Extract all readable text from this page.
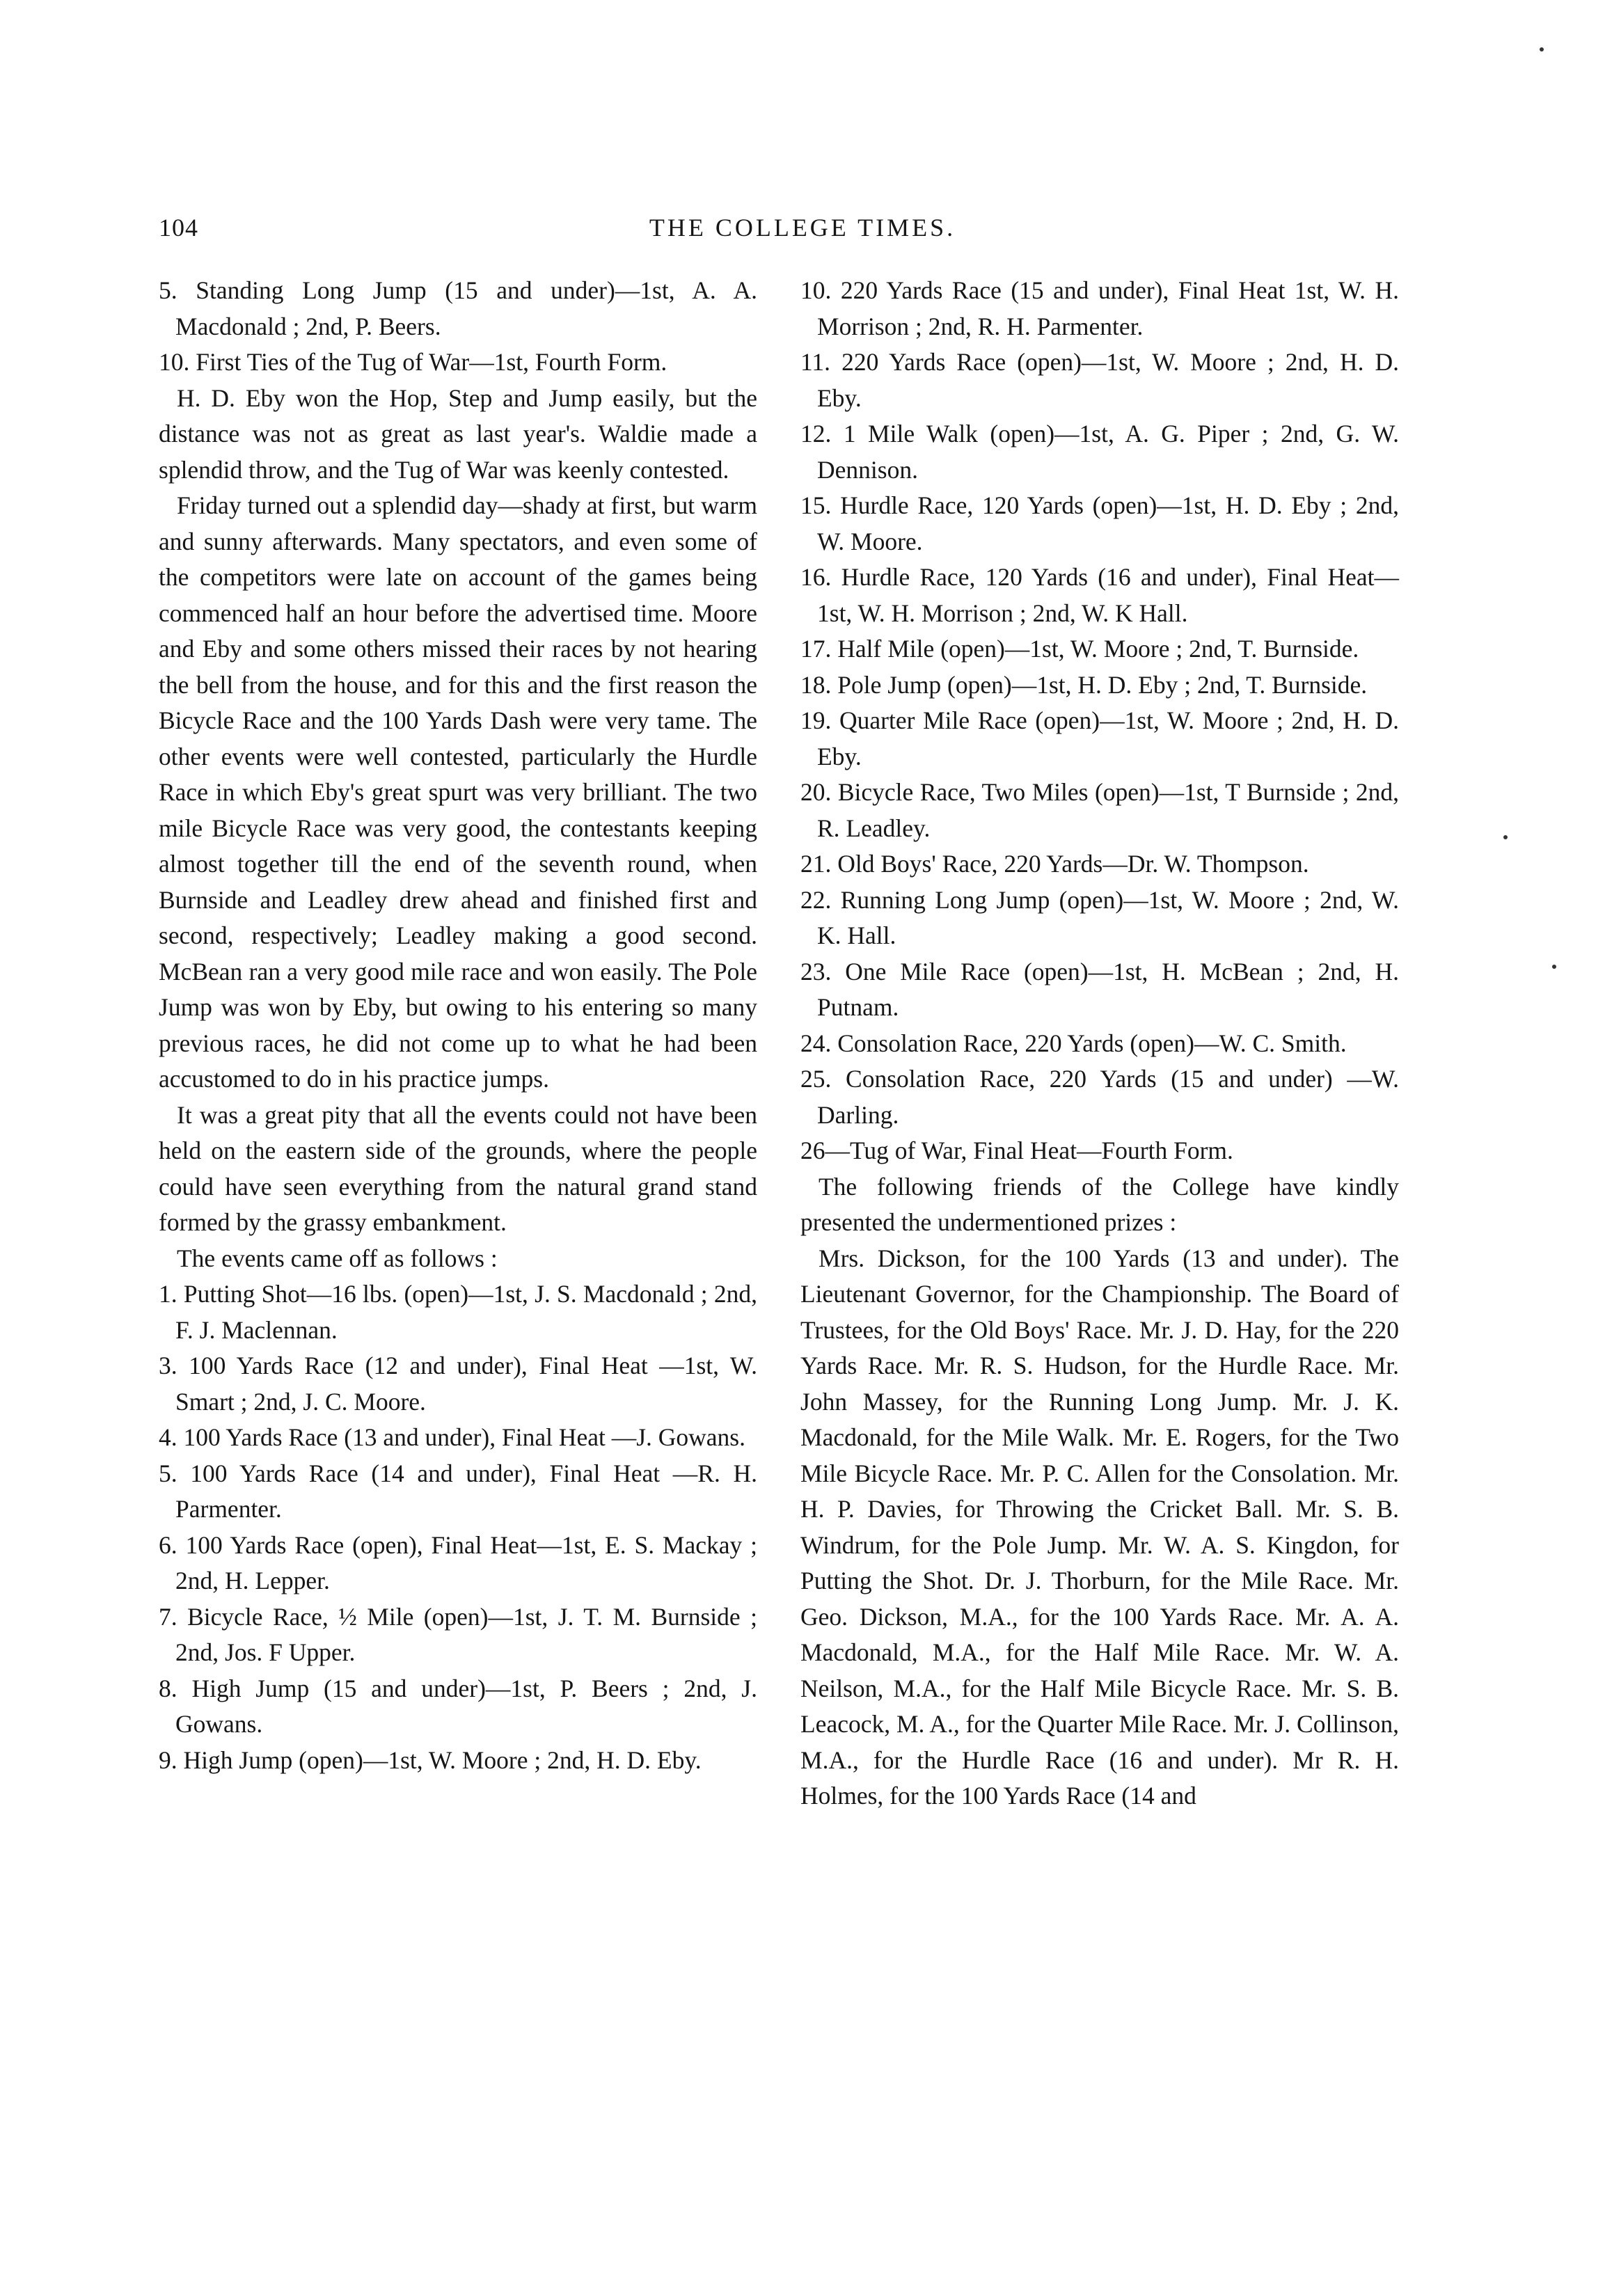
104	THE COLLEGE TIMES.

5. Standing Long Jump (15 and under)—1st, A. A. Macdonald ; 2nd, P. Beers.

10. First Ties of the Tug of War—1st, Fourth Form.

H. D. Eby won the Hop, Step and Jump easily, but the distance was not as great as last year's. Waldie made a splendid throw, and the Tug of War was keenly contested.

Friday turned out a splendid day—shady at first, but warm and sunny afterwards. Many spectators, and even some of the competitors were late on account of the games being commenced half an hour before the advertised time. Moore and Eby and some others missed their races by not hearing the bell from the house, and for this and the first reason the Bicycle Race and the 100 Yards Dash were very tame. The other events were well contested, particularly the Hurdle Race in which Eby's great spurt was very brilliant. The two mile Bicycle Race was very good, the contestants keeping almost together till the end of the seventh round, when Burnside and Leadley drew ahead and finished first and second, respectively; Leadley making a good second. McBean ran a very good mile race and won easily. The Pole Jump was won by Eby, but owing to his entering so many previous races, he did not come up to what he had been accustomed to do in his practice jumps.

It was a great pity that all the events could not have been held on the eastern side of the grounds, where the people could have seen everything from the natural grand stand formed by the grassy embankment.

The events came off as follows :

1. Putting Shot—16 lbs. (open)—1st, J. S. Macdonald ; 2nd, F. J. Maclennan.

3. 100 Yards Race (12 and under), Final Heat —1st, W. Smart ; 2nd, J. C. Moore.

4. 100 Yards Race (13 and under), Final Heat —J. Gowans.

5. 100 Yards Race (14 and under), Final Heat —R. H. Parmenter.

6. 100 Yards Race (open), Final Heat—1st, E. S. Mackay ; 2nd, H. Lepper.

7. Bicycle Race, ½ Mile (open)—1st, J. T. M. Burnside ; 2nd, Jos. F Upper.

8. High Jump (15 and under)—1st, P. Beers ; 2nd, J. Gowans.

9. High Jump (open)—1st, W. Moore ; 2nd, H. D. Eby.

10. 220 Yards Race (15 and under), Final Heat 1st, W. H. Morrison ; 2nd, R. H. Parmenter.

11. 220 Yards Race (open)—1st, W. Moore ; 2nd, H. D. Eby.

12. 1 Mile Walk (open)—1st, A. G. Piper ; 2nd, G. W. Dennison.

15. Hurdle Race, 120 Yards (open)—1st, H. D. Eby ; 2nd, W. Moore.

16. Hurdle Race, 120 Yards (16 and under), Final Heat—1st, W. H. Morrison ; 2nd, W. K Hall.

17. Half Mile (open)—1st, W. Moore ; 2nd, T. Burnside.

18. Pole Jump (open)—1st, H. D. Eby ; 2nd, T. Burnside.

19. Quarter Mile Race (open)—1st, W. Moore ; 2nd, H. D. Eby.

20. Bicycle Race, Two Miles (open)—1st, T Burnside ; 2nd, R. Leadley.

21. Old Boys' Race, 220 Yards—Dr. W. Thompson.

22. Running Long Jump (open)—1st, W. Moore ; 2nd, W. K. Hall.

23. One Mile Race (open)—1st, H. McBean ; 2nd, H. Putnam.

24. Consolation Race, 220 Yards (open)—W. C. Smith.

25. Consolation Race, 220 Yards (15 and under) —W. Darling.

26—Tug of War, Final Heat—Fourth Form.

The following friends of the College have kindly presented the undermentioned prizes :

Mrs. Dickson, for the 100 Yards (13 and under). The Lieutenant Governor, for the Championship. The Board of Trustees, for the Old Boys' Race. Mr. J. D. Hay, for the 220 Yards Race. Mr. R. S. Hudson, for the Hurdle Race. Mr. John Massey, for the Running Long Jump. Mr. J. K. Macdonald, for the Mile Walk. Mr. E. Rogers, for the Two Mile Bicycle Race. Mr. P. C. Allen for the Consolation. Mr. H. P. Davies, for Throwing the Cricket Ball. Mr. S. B. Windrum, for the Pole Jump. Mr. W. A. S. Kingdon, for Putting the Shot. Dr. J. Thorburn, for the Mile Race. Mr. Geo. Dickson, M.A., for the 100 Yards Race. Mr. A. A. Macdonald, M.A., for the Half Mile Race. Mr. W. A. Neilson, M.A., for the Half Mile Bicycle Race. Mr. S. B. Leacock, M. A., for the Quarter Mile Race. Mr. J. Collinson, M.A., for the Hurdle Race (16 and under). Mr R. H. Holmes, for the 100 Yards Race (14 and
